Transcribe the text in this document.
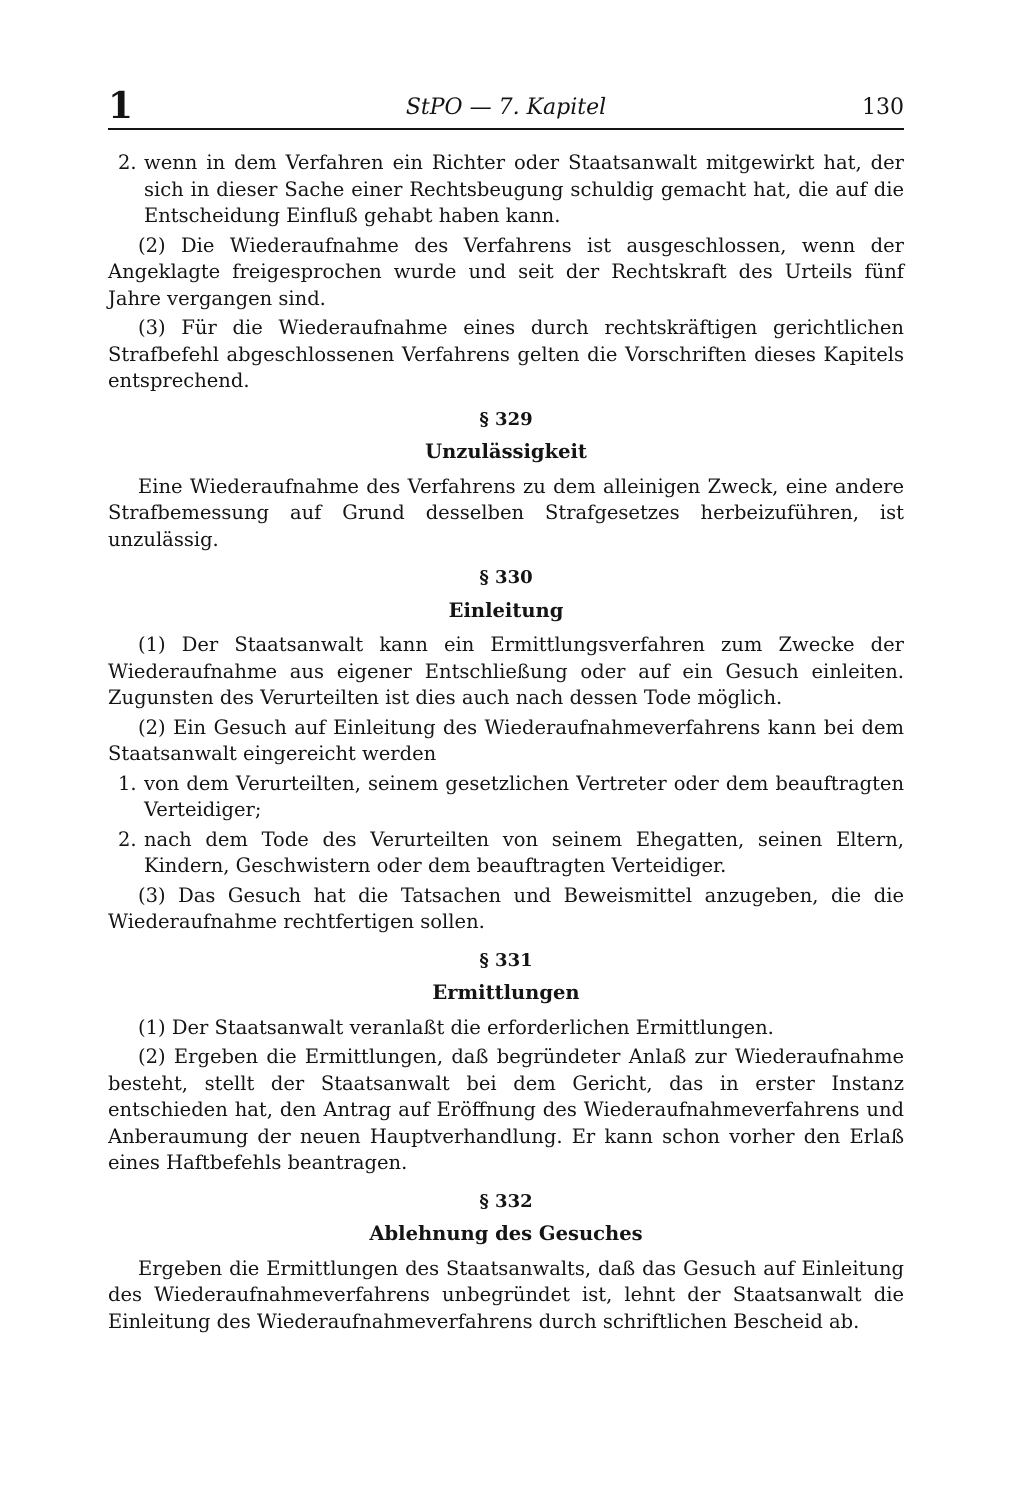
1	StPO — 7. Kapitel	130
2. wenn in dem Verfahren ein Richter oder Staatsanwalt mitgewirkt hat, der sich in dieser Sache einer Rechtsbeugung schuldig gemacht hat, die auf die Entscheidung Einfluß gehabt haben kann.

(2) Die Wiederaufnahme des Verfahrens ist ausgeschlossen, wenn der Angeklagte freigesprochen wurde und seit der Rechtskraft des Urteils fünf Jahre vergangen sind.

(3) Für die Wiederaufnahme eines durch rechtskräftigen gerichtlichen Strafbefehl abgeschlossenen Verfahrens gelten die Vorschriften dieses Kapitels entsprechend.

§ 329
Unzulässigkeit

Eine Wiederaufnahme des Verfahrens zu dem alleinigen Zweck, eine andere Strafbemessung auf Grund desselben Strafgesetzes herbeizuführen, ist unzulässig.

§ 330
Einleitung

(1) Der Staatsanwalt kann ein Ermittlungsverfahren zum Zwecke der Wiederaufnahme aus eigener Entschließung oder auf ein Gesuch einleiten. Zugunsten des Verurteilten ist dies auch nach dessen Tode möglich.

(2) Ein Gesuch auf Einleitung des Wiederaufnahmeverfahrens kann bei dem Staatsanwalt eingereicht werden

1. von dem Verurteilten, seinem gesetzlichen Vertreter oder dem beauftragten Verteidiger;
2. nach dem Tode des Verurteilten von seinem Ehegatten, seinen Eltern, Kindern, Geschwistern oder dem beauftragten Verteidiger.

(3) Das Gesuch hat die Tatsachen und Beweismittel anzugeben, die die Wiederaufnahme rechtfertigen sollen.

§ 331
Ermittlungen

(1) Der Staatsanwalt veranlaßt die erforderlichen Ermittlungen.

(2) Ergeben die Ermittlungen, daß begründeter Anlaß zur Wiederaufnahme besteht, stellt der Staatsanwalt bei dem Gericht, das in erster Instanz entschieden hat, den Antrag auf Eröffnung des Wiederaufnahmeverfahrens und Anberaumung der neuen Hauptverhandlung. Er kann schon vorher den Erlaß eines Haftbefehls beantragen.

§ 332
Ablehnung des Gesuches

Ergeben die Ermittlungen des Staatsanwalts, daß das Gesuch auf Einleitung des Wiederaufnahmeverfahrens unbegründet ist, lehnt der Staatsanwalt die Einleitung des Wiederaufnahmeverfahrens durch schriftlichen Bescheid ab.
